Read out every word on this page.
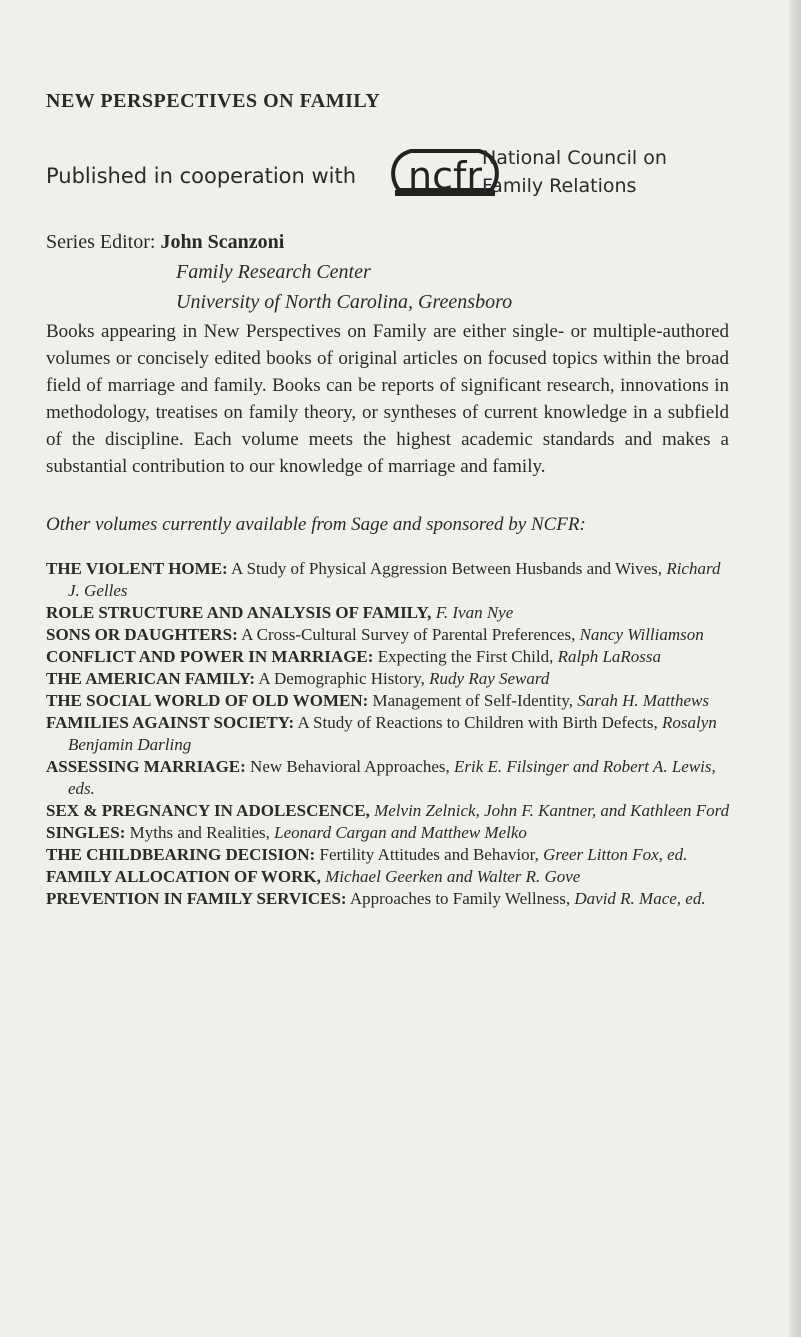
NEW PERSPECTIVES ON FAMILY
Published in cooperation with ncfr National Council on
Family Relations
Series Editor: John Scanzoni
Family Research Center
University of North Carolina, Greensboro

Books appearing in New Perspectives on Family are either single- or multiple-authored volumes or concisely edited books of original articles on focused topics within the broad field of marriage and family. Books can be reports of significant research, innovations in methodology, treatises on family theory, or syntheses of current knowledge in a subfield of the discipline. Each volume meets the highest academic standards and makes a substantial contribution to our knowledge of marriage and family.

Other volumes currently available from Sage and sponsored by NCFR:

THE VIOLENT HOME: A Study of Physical Aggression Between Husbands and Wives, Richard J. Gelles
ROLE STRUCTURE AND ANALYSIS OF FAMILY, F. Ivan Nye
SONS OR DAUGHTERS: A Cross-Cultural Survey of Parental Preferences, Nancy Williamson
CONFLICT AND POWER IN MARRIAGE: Expecting the First Child, Ralph LaRossa
THE AMERICAN FAMILY: A Demographic History, Rudy Ray Seward
THE SOCIAL WORLD OF OLD WOMEN: Management of Self-Identity, Sarah H. Matthews
FAMILIES AGAINST SOCIETY: A Study of Reactions to Children with Birth Defects, Rosalyn Benjamin Darling
ASSESSING MARRIAGE: New Behavioral Approaches, Erik E. Filsinger and Robert A. Lewis, eds.
SEX & PREGNANCY IN ADOLESCENCE, Melvin Zelnick, John F. Kantner, and Kathleen Ford
SINGLES: Myths and Realities, Leonard Cargan and Matthew Melko
THE CHILDBEARING DECISION: Fertility Attitudes and Behavior, Greer Litton Fox, ed.
FAMILY ALLOCATION OF WORK, Michael Geerken and Walter R. Gove
PREVENTION IN FAMILY SERVICES: Approaches to Family Wellness, David R. Mace, ed.
